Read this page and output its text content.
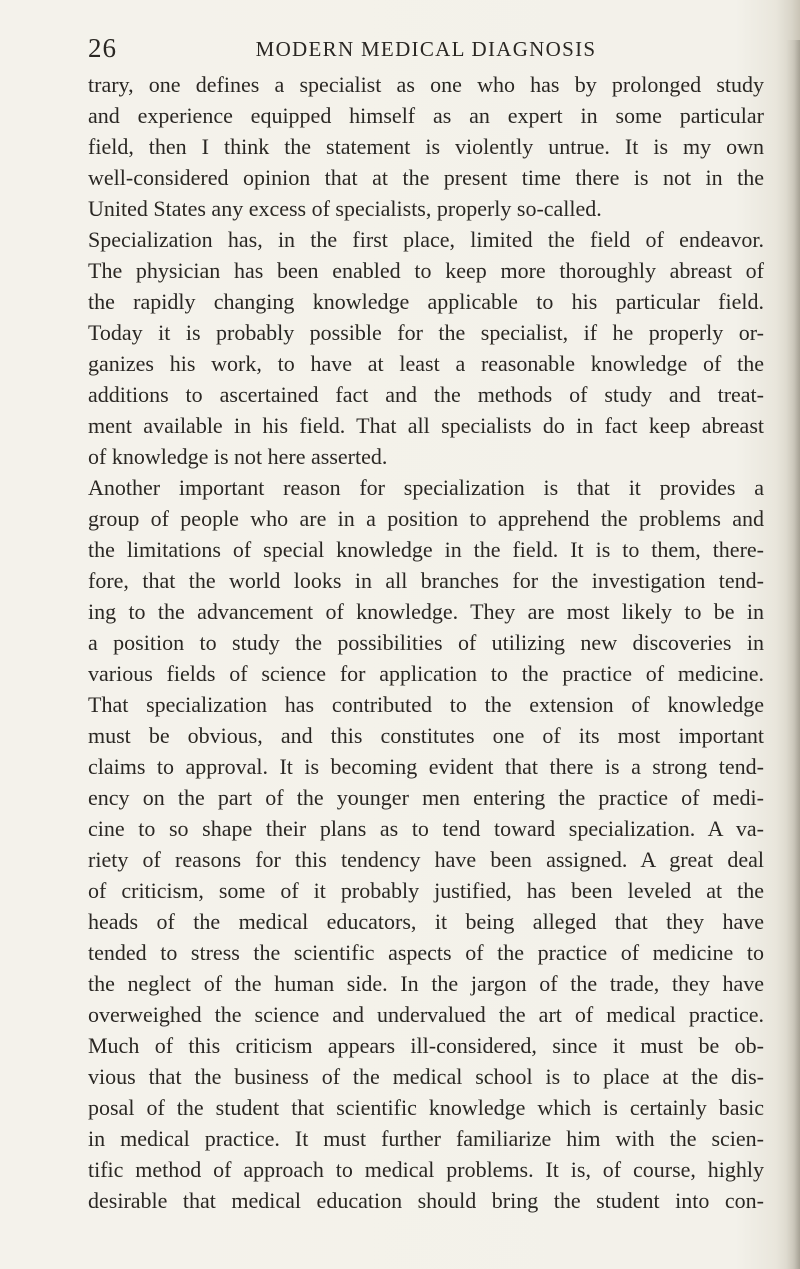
26	MODERN MEDICAL DIAGNOSIS
trary, one defines a specialist as one who has by prolonged study
and experience equipped himself as an expert in some particular
field, then I think the statement is violently untrue. It is my own
well-considered opinion that at the present time there is not in the
United States any excess of specialists, properly so-called.
Specialization has, in the first place, limited the field of endeavor.
The physician has been enabled to keep more thoroughly abreast of
the rapidly changing knowledge applicable to his particular field.
Today it is probably possible for the specialist, if he properly or-
ganizes his work, to have at least a reasonable knowledge of the
additions to ascertained fact and the methods of study and treat-
ment available in his field. That all specialists do in fact keep abreast
of knowledge is not here asserted.
Another important reason for specialization is that it provides a
group of people who are in a position to apprehend the problems and
the limitations of special knowledge in the field. It is to them, there-
fore, that the world looks in all branches for the investigation tend-
ing to the advancement of knowledge. They are most likely to be in
a position to study the possibilities of utilizing new discoveries in
various fields of science for application to the practice of medicine.
That specialization has contributed to the extension of knowledge
must be obvious, and this constitutes one of its most important
claims to approval. It is becoming evident that there is a strong tend-
ency on the part of the younger men entering the practice of medi-
cine to so shape their plans as to tend toward specialization. A va-
riety of reasons for this tendency have been assigned. A great deal
of criticism, some of it probably justified, has been leveled at the
heads of the medical educators, it being alleged that they have
tended to stress the scientific aspects of the practice of medicine to
the neglect of the human side. In the jargon of the trade, they have
overweighed the science and undervalued the art of medical practice.
Much of this criticism appears ill-considered, since it must be ob-
vious that the business of the medical school is to place at the dis-
posal of the student that scientific knowledge which is certainly basic
in medical practice. It must further familiarize him with the scien-
tific method of approach to medical problems. It is, of course, highly
desirable that medical education should bring the student into con-
